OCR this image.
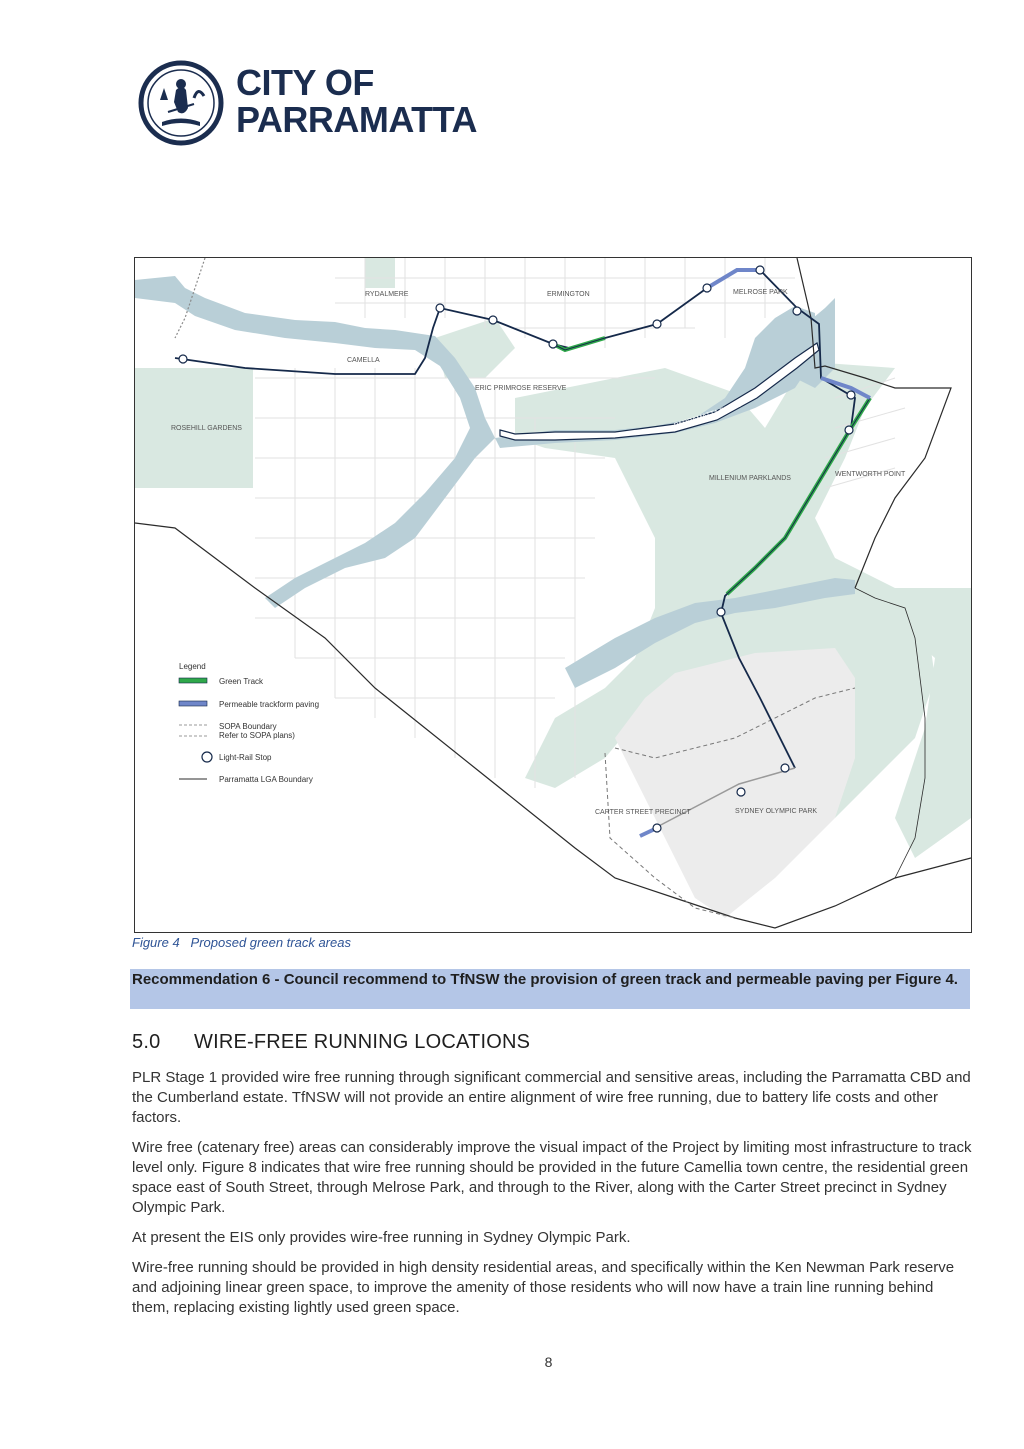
CITY OF
PARRAMATTA
RYDALMERE	ERMINGTON	MELROSE PARK
CAMELLA
ERIC PRIMROSE RESERVE
ROSEHILL GARDENS	PARRAMATTA RIVER
MILLENIUM PARKLANDS
WENTWORTH POINT
CARTER STREET PRECINCT	SYDNEY OLYMPIC PARK
Legend
Green Track
Permeable trackform paving
SOPA Boundary
Refer to SOPA plans)
Light-Rail Stop
Parramatta LGA Boundary
Figure 4 Proposed green track areas
Recommendation 6 - Council recommend to TfNSW the provision of green track and permeable paving per Figure 4.
5.0 WIRE-FREE RUNNING LOCATIONS

PLR Stage 1 provided wire free running through significant commercial and sensitive areas, including the Parramatta CBD and the Cumberland estate. TfNSW will not provide an entire alignment of wire free running, due to battery life costs and other factors.

Wire free (catenary free) areas can considerably improve the visual impact of the Project by limiting most infrastructure to track level only. Figure 8 indicates that wire free running should be provided in the future Camellia town centre, the residential green space east of South Street, through Melrose Park, and through to the River, along with the Carter Street precinct in Sydney Olympic Park.

At present the EIS only provides wire-free running in Sydney Olympic Park.

Wire-free running should be provided in high density residential areas, and specifically within the Ken Newman Park reserve and adjoining linear green space, to improve the amenity of those residents who will now have a train line running behind them, replacing existing lightly used green space.

8
